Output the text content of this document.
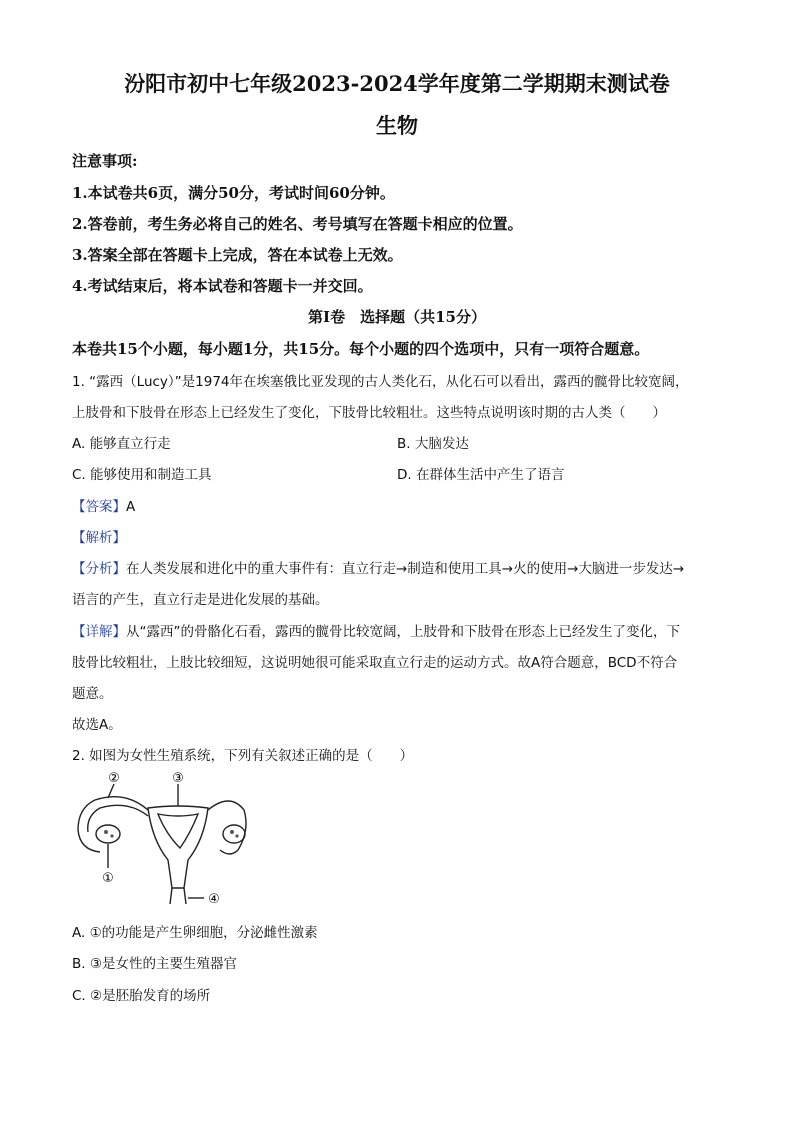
汾阳市初中七年级2023-2024学年度第二学期期末测试卷
生物
注意事项:
1.本试卷共6页，满分50分，考试时间60分钟。
2.答卷前，考生务必将自己的姓名、考号填写在答题卡相应的位置。
3.答案全部在答题卡上完成，答在本试卷上无效。
4.考试结束后，将本试卷和答题卡一并交回。
第Ⅰ卷　选择题（共15分）
本卷共15个小题，每小题1分，共15分。每个小题的四个选项中，只有一项符合题意。
1. “露西（Lucy）”是1974年在埃塞俄比亚发现的古人类化石，从化石可以看出，露西的髋骨比较宽阔，
上肢骨和下肢骨在形态上已经发生了变化，下肢骨比较粗壮。这些特点说明该时期的古人类（　　）
A. 能够直立行走	B. 大脑发达
C. 能够使用和制造工具	D. 在群体生活中产生了语言
【答案】A
【解析】
【分析】在人类发展和进化中的重大事件有：直立行走→制造和使用工具→火的使用→大脑进一步发达→
语言的产生，直立行走是进化发展的基础。
【详解】从“露西”的骨骼化石看，露西的髋骨比较宽阔，上肢骨和下肢骨在形态上已经发生了变化，下
肢骨比较粗壮，上肢比较细短，这说明她很可能采取直立行走的运动方式。故A符合题意，BCD不符合
题意。
故选A。
2. 如图为女性生殖系统，下列有关叙述正确的是（　　）
②	③
①
④
A. ①的功能是产生卵细胞，分泌雌性激素
B. ③是女性的主要生殖器官
C. ②是胚胎发育的场所
